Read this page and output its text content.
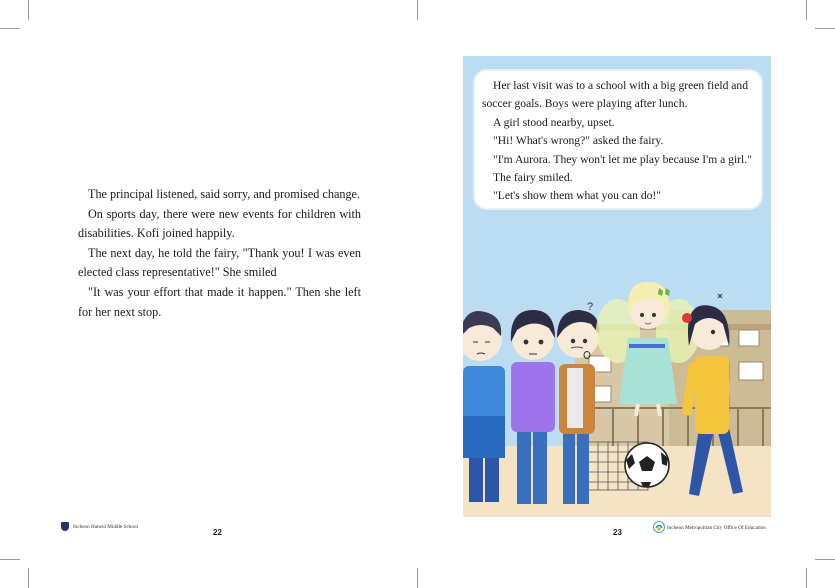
The principal listened, said sorry, and promised change.

On sports day, there were new events for children with disabilities. Kofi joined happily.

The next day, he told the fairy, "Thank you! I was even elected class representative!" She smiled

"It was your effort that made it happen." Then she left for her next stop.

Incheon Haneul Middle School
22
?

Her last visit was to a school with a big green field and soccer goals. Boys were playing after lunch.

A girl stood nearby, upset.

"Hi! What's wrong?" asked the fairy.

"I'm Aurora. They won't let me play because I'm a girl."

The fairy smiled.

"Let's show them what you can do!"

23	Incheon Metropolitan City Office Of Education
